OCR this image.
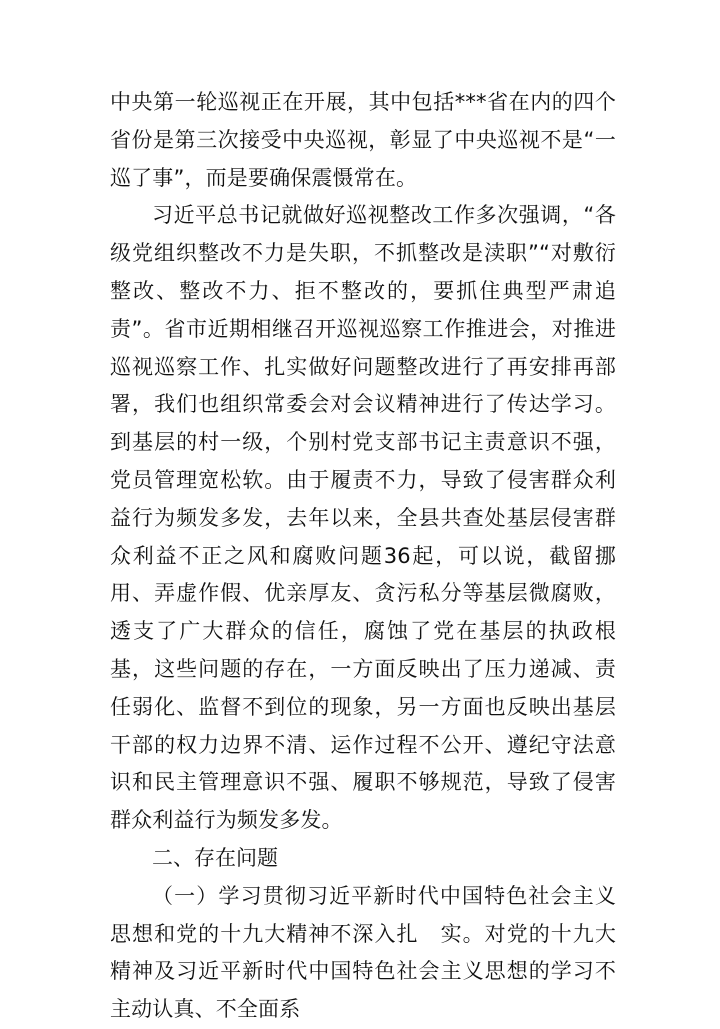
中央第一轮巡视正在开展，其中包括***省在内的四个省份是第三次接受中央巡视，彰显了中央巡视不是“一巡了事”，而是要确保震慑常在。

习近平总书记就做好巡视整改工作多次强调，“各级党组织整改不力是失职，不抓整改是渎职”“对敷衍整改、整改不力、拒不整改的，要抓住典型严肃追责”。省市近期相继召开巡视巡察工作推进会，对推进巡视巡察工作、扎实做好问题整改进行了再安排再部署，我们也组织常委会对会议精神进行了传达学习。到基层的村一级，个别村党支部书记主责意识不强，党员管理宽松软。由于履责不力，导致了侵害群众利益行为频发多发，去年以来，全县共查处基层侵害群众利益不正之风和腐败问题36起，可以说，截留挪用、弄虚作假、优亲厚友、贪污私分等基层微腐败，透支了广大群众的信任，腐蚀了党在基层的执政根基，这些问题的存在，一方面反映出了压力递减、责任弱化、监督不到位的现象，另一方面也反映出基层干部的权力边界不清、运作过程不公开、遵纪守法意识和民主管理意识不强、履职不够规范，导致了侵害群众利益行为频发多发。

二、存在问题

（一）学习贯彻习近平新时代中国特色社会主义思想和党的十九大精神不深入扎　实。对党的十九大精神及习近平新时代中国特色社会主义思想的学习不主动认真、不全面系
